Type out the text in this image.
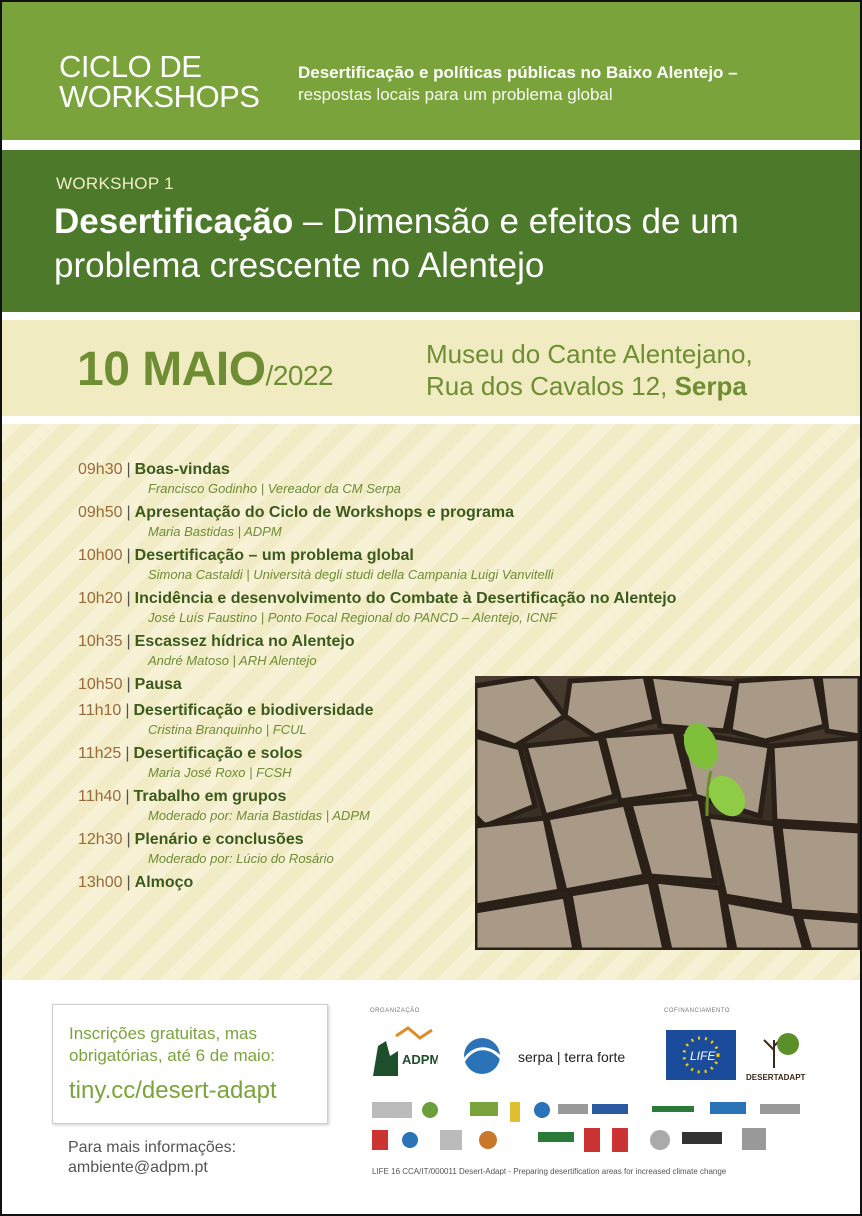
CICLO DE WORKSHOPS
Desertificação e políticas públicas no Baixo Alentejo –
respostas locais para um problema global
WORKSHOP 1
Desertificação – Dimensão e efeitos de um problema crescente no Alentejo
10 MAIO/2022
Museu do Cante Alentejano,
Rua dos Cavalos 12, Serpa
09h30 | Boas-vindas
Francisco Godinho | Vereador da CM Serpa
09h50 | Apresentação do Ciclo de Workshops e programa
Maria Bastidas | ADPM
10h00 | Desertificação – um problema global
Simona Castaldi | Università degli studi della Campania Luigi Vanvitelli
10h20 | Incidência e desenvolvimento do Combate à Desertificação no Alentejo
José Luís Faustino | Ponto Focal Regional do PANCD – Alentejo, ICNF
10h35 | Escassez hídrica no Alentejo
André Matoso | ARH Alentejo
10h50 | Pausa
11h10 | Desertificação e biodiversidade
Cristina Branquinho | FCUL
11h25 | Desertificação e solos
Maria José Roxo | FCSH
11h40 | Trabalho em grupos
Moderado por: Maria Bastidas | ADPM
12h30 | Plenário e conclusões
Moderado por: Lúcio do Rosário
13h00 | Almoço
Inscrições gratuitas, mas obrigatórias, até 6 de maio:
tiny.cc/desert-adapt
Para mais informações:
ambiente@adpm.pt
ORGANIZAÇÃO	COFINANCIAMENTO
ADPM	serpa | terra forte	LIFE
DESERTADAPT
LIFE 16 CCA/IT/000011 Desert-Adapt - Preparing desertification areas for increased climate change
